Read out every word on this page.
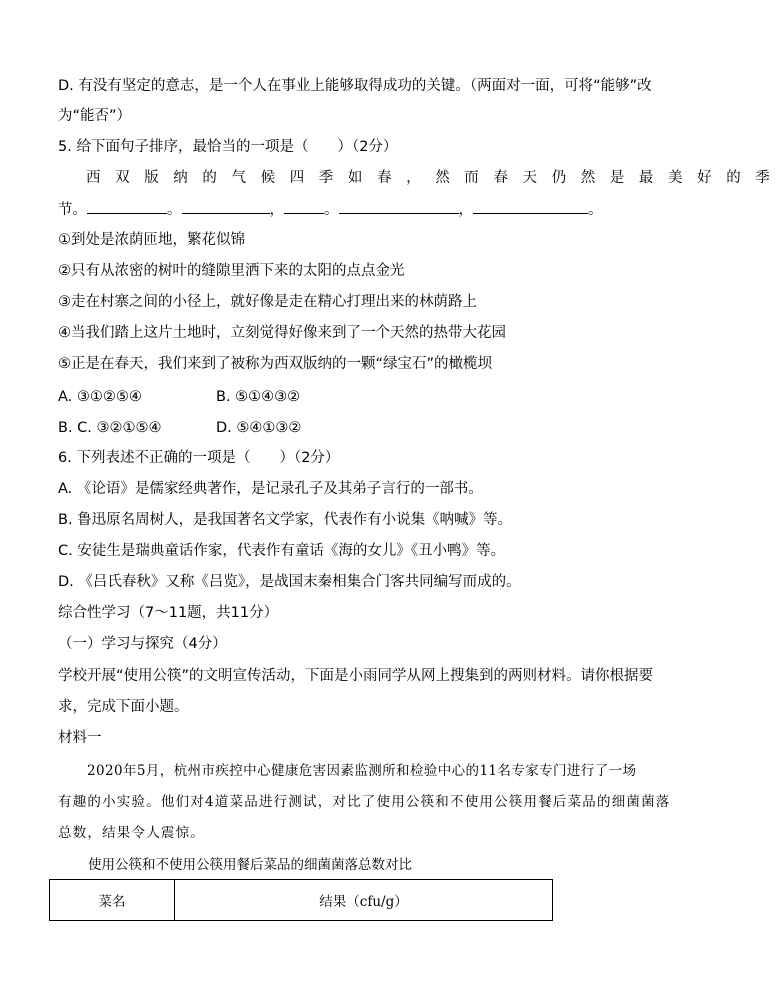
D. 有没有坚定的意志，是一个人在事业上能够取得成功的关键。（两面对一面，可将“能够”改
为“能否”）
5. 给下面句子排序，最恰当的一项是（　　）（2分）
西双版纳的气候四季如春，然而春天仍然是最美好的季
节。	。	，	。	，	。
①到处是浓荫匝地，繁花似锦
②只有从浓密的树叶的缝隙里洒下来的太阳的点点金光
③走在村寨之间的小径上，就好像是走在精心打理出来的林荫路上
④当我们踏上这片土地时，立刻觉得好像来到了一个天然的热带大花园
⑤正是在春天，我们来到了被称为西双版纳的一颗“绿宝石”的橄榄坝
A. ③①②⑤④	B. ⑤①④③②
B. C. ③②①⑤④	D. ⑤④①③②
6. 下列表述不正确的一项是（　　）（2分）
A. 《论语》是儒家经典著作，是记录孔子及其弟子言行的一部书。
B. 鲁迅原名周树人，是我国著名文学家，代表作有小说集《呐喊》等。
C. 安徒生是瑞典童话作家，代表作有童话《海的女儿》《丑小鸭》等。
D. 《吕氏春秋》又称《吕览》，是战国末秦相集合门客共同编写而成的。
综合性学习（7～11题，共11分）
（一）学习与探究（4分）
学校开展“使用公筷”的文明宣传活动，下面是小雨同学从网上搜集到的两则材料。请你根据要
求，完成下面小题。
材料一
2020年5月，杭州市疾控中心健康危害因素监测所和检验中心的11名专家专门进行了一场
有趣的小实验。他们对4道菜品进行测试，对比了使用公筷和不使用公筷用餐后菜品的细菌菌落
总数，结果令人震惊。
使用公筷和不使用公筷用餐后菜品的细菌菌落总数对比
菜名	结果（cfu/g）
